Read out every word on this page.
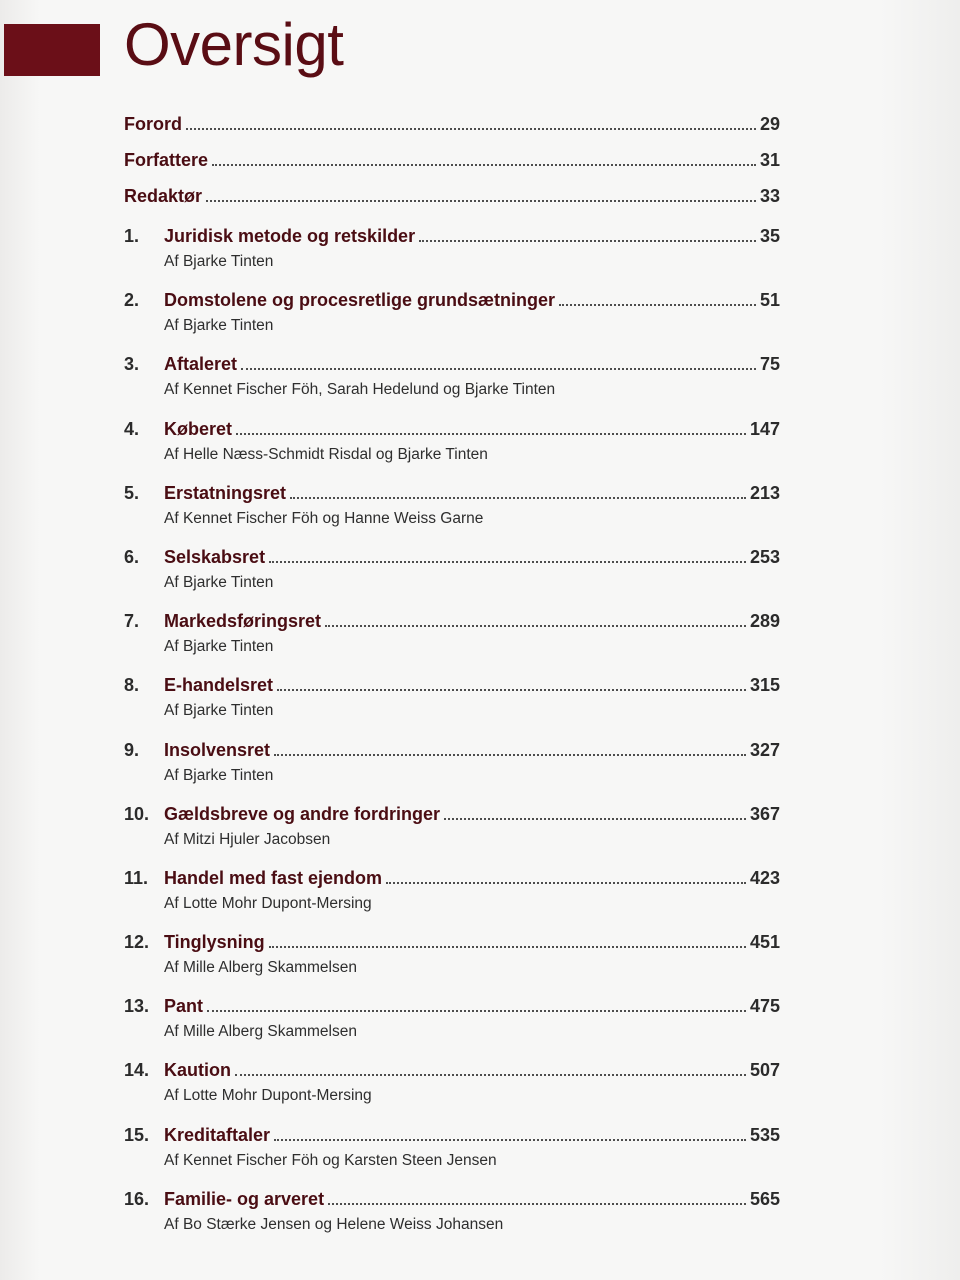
Oversigt
Forord	29
Forfattere	31
Redaktør	33
1.	Juridisk metode og retskilder	35
Af Bjarke Tinten
2.	Domstolene og procesretlige grundsætninger	51
Af Bjarke Tinten
3.	Aftaleret	75
Af Kennet Fischer Föh, Sarah Hedelund og Bjarke Tinten
4.	Køberet	147
Af Helle Næss-Schmidt Risdal og Bjarke Tinten
5.	Erstatningsret	213
Af Kennet Fischer Föh og Hanne Weiss Garne
6.	Selskabsret	253
Af Bjarke Tinten
7.	Markedsføringsret	289
Af Bjarke Tinten
8.	E-handelsret	315
Af Bjarke Tinten
9.	Insolvensret	327
Af Bjarke Tinten
10. Gældsbreve og andre fordringer	367
Af Mitzi Hjuler Jacobsen
11. Handel med fast ejendom	423
Af Lotte Mohr Dupont-Mersing
12. Tinglysning	451
Af Mille Alberg Skammelsen
13. Pant	475
Af Mille Alberg Skammelsen
14. Kaution	507
Af Lotte Mohr Dupont-Mersing
15. Kreditaftaler	535
Af Kennet Fischer Föh og Karsten Steen Jensen
16. Familie- og arveret	565
Af Bo Stærke Jensen og Helene Weiss Johansen
